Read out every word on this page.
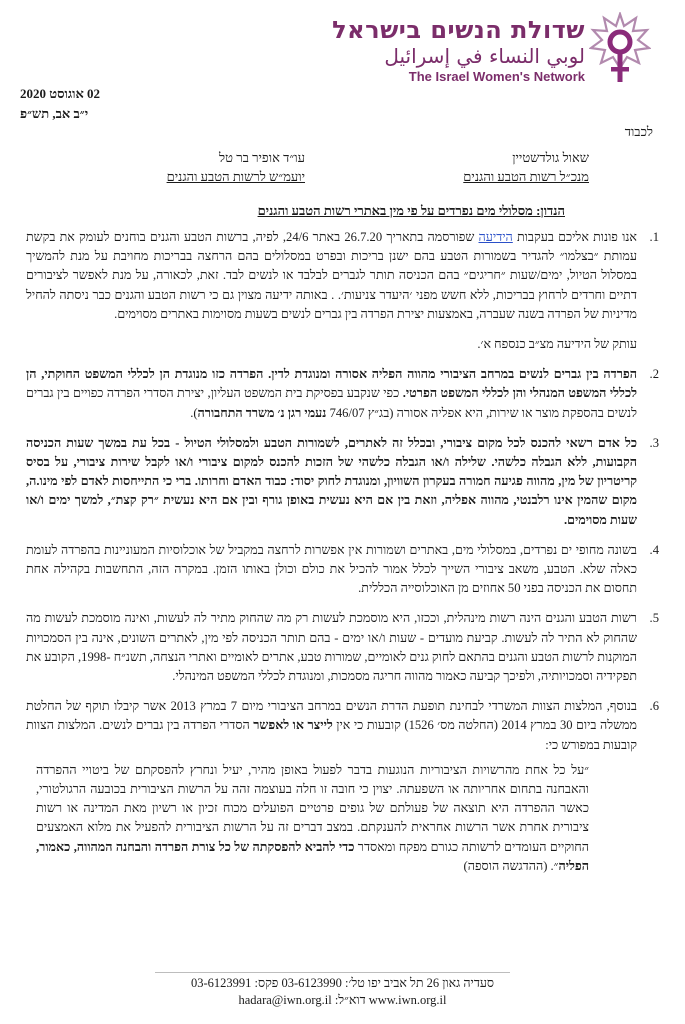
שדולת הנשים בישראל
لوبي النساء في إسرائيل
The Israel Women's Network
02 אוגוסט 2020
י״ב אב, תש״פ
לכבוד
שאול גולדשטיין
מנכ״ל רשות הטבע והגנים
עו״ד אופיר בר טל
יועמ״ש לרשות הטבע והגנים
הנדון: מסלולי מים נפרדים על פי מין באתרי רשות הטבע והגנים
1.
אנו פונות אליכם בעקבות הידיעה שפורסמה בתאריך 26.7.20 באתר 24/6, לפיה, ברשות הטבע והגנים בוחנים לעומק את בקשת עמותת ״בצלמו״ להגדיר בשמורות הטבע בהם ישנן בריכות ובפרט במסלולים בהם הרחצה בבריכות מחויבת על מנת להמשיך במסלול הטיול, ימים/שעות ״חריגים״ בהם הכניסה תותר לגברים לבלבד או לנשים לבד. זאת, לכאורה, על מנת לאפשר לציבורים דתיים וחרדים לרחוץ בבריכות, ללא חשש מפני ׳היעדר צניעות׳. . באותה ידיעה מצוין גם כי רשות הטבע והגנים כבר ניסתה להחיל מדיניות של הפרדה בשנה שעברה, באמצעות יצירת הפרדה בין גברים לנשים בשעות מסוימות באתרים מסוימים.
עותק של הידיעה מצ״ב כנספח א׳.
2.
הפרדה בין גברים לנשים במרחב הציבורי מהווה הפליה אסורה ומנוגדת לדין. הפרדה כזו מנוגדת הן לכללי המשפט החוקתי, הן לכללי המשפט המנהלי והן לכללי המשפט הפרטי. כפי שנקבע בפסיקת בית המשפט העליון, יצירת הסדרי הפרדה כפויים בין גברים לנשים בהספקת מוצר או שירות, היא אפליה אסורה (בג״ץ 746/07 נעמי רגן נ׳ משרד התחבורה).
3.
כל אדם רשאי להכנס לכל מקום ציבורי, ובכלל זה לאתרים, לשמורות הטבע ולמסלולי הטיול - בכל עת במשך שעות הכניסה הקבועות, ללא הגבלה כלשהי. שלילה ו/או הגבלה כלשהי של הזכות להכנס למקום ציבורי ו/או לקבל שירות ציבורי, על בסיס קריטריון של מין, מהווה פגיעה חמורה בעקרון השוויון, ומנוגדת לחוק יסוד: כבוד האדם וחרותו. ברי כי התייחסות לאדם לפי מינו.ה, מקום שהמין אינו רלבנטי, מהווה אפליה, וזאת בין אם היא נעשית באופן גורף ובין אם היא נעשית ״רק קצת״, למשך ימים ו/או שעות מסוימים.
4.
בשונה מחופי ים נפרדים, במסלולי מים, באתרים ושמורות אין אפשרות לרחצה במקביל של אוכלוסיות המעוניינות בהפרדה לעומת כאלה שלא. הטבע, משאב ציבורי השייך לכלל אמור להכיל את כולם וכולן באותו הזמן. במקרה הזה, התחשבות בקהילה אחת תחסום את הכניסה בפני 50 אחוזים מן האוכלוסייה הכללית.
5.
רשות הטבע והגנים הינה רשות מינהלית, וככזו, היא מוסמכת לעשות רק מה שהחוק מתיר לה לעשות, ואינה מוסמכת לעשות מה שהחוק לא התיר לה לעשות. קביעת מועדים - שעות ו/או ימים - בהם תותר הכניסה לפי מין, לאתרים השונים, אינה בין הסמכויות המוקנות לרשות הטבע והגנים בהתאם לחוק גנים לאומיים, שמורות טבע, אתרים לאומיים ואתרי הנצחה, תשנ״ח -1998, הקובע את תפקידיה וסמכויותיה, ולפיכך קביעה כאמור מהווה חריגה מסמכות, ומנוגדת לכללי המשפט המינהלי.
6.
בנוסף, המלצות הצוות המשרדי לבחינת תופעת הדרת הנשים במרחב הציבורי מיום 7 במרץ 2013 אשר קיבלו תוקף של החלטת ממשלה ביום 30 במרץ 2014 (החלטה מס׳ 1526) קובעות כי אין לייצר או לאפשר הסדרי הפרדה בין גברים לנשים. המלצות הצוות קובעות במפורש כי:
״על כל אחת מהרשויות הציבוריות הנוגעות בדבר לפעול באופן מהיר, יעיל ונחרץ להפסקתם של ביטויי ההפרדה והאבחנה בתחום אחריותה או השפעתה. יצוין כי חובה זו חלה בעוצמה זהה על הרשות הציבורית בכובעה הרגולטורי, כאשר ההפרדה היא תוצאה של פעולתם של גופים פרטיים הפועלים מכוח זכיון או רשיון מאת המדינה או רשות ציבורית אחרת אשר הרשות אחראית להענקתם. במצב דברים זה על הרשות הציבורית להפעיל את מלוא האמצעים החוקיים העומדים לרשותה כגורם מפקח ומאסדר כדי להביא להפסקתה של כל צורת הפרדה והבחנה המהווה, כאמור, הפליה״. (ההדגשה הוספה)
סעדיה גאון 26 תל אביב יפו טל׳: 03-6123990 פקס: 03-6123991
www.iwn.org.il דוא״ל: hadara@iwn.org.il
